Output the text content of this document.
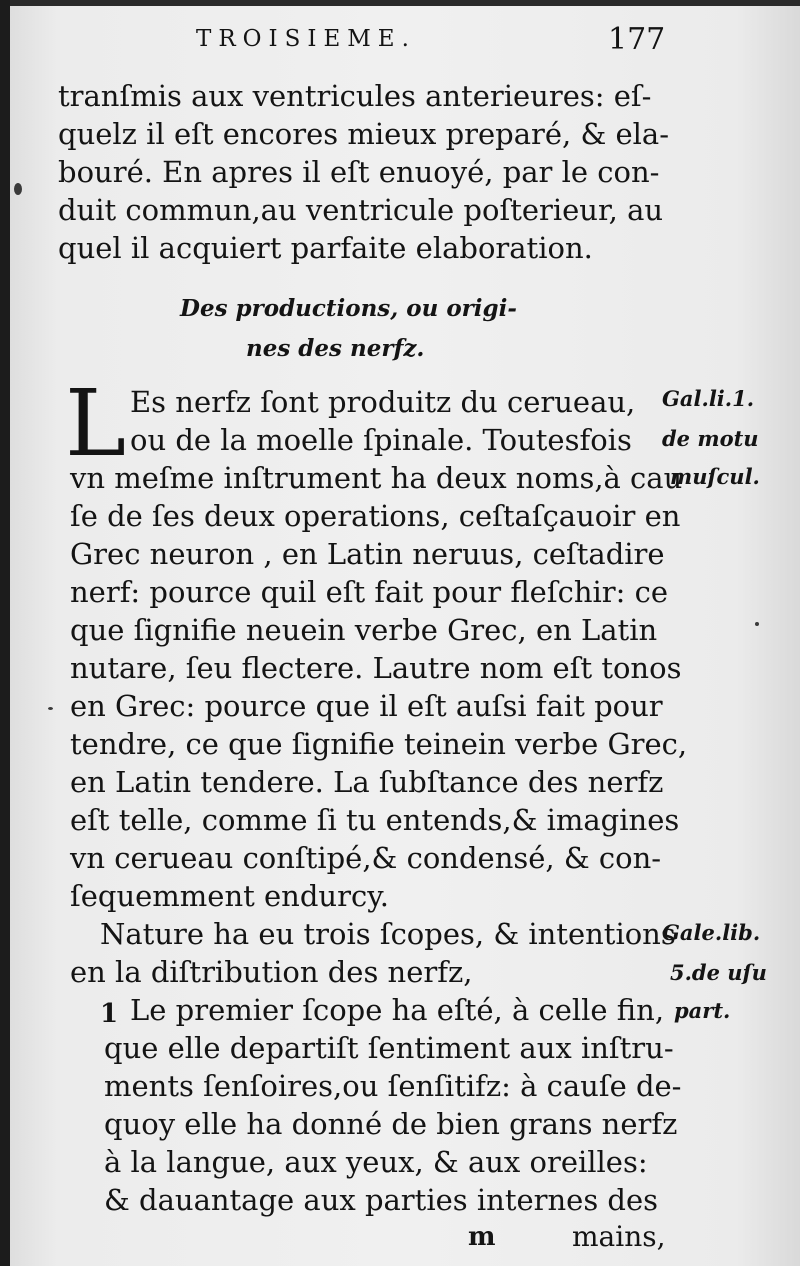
TROISIEME.	177
tranſmis aux ventricules anterieures: eſ-
quelz il eſt encores mieux preparé, & ela-
bouré. En apres il eſt enuoyé, par le con-
duit commun,au ventricule poſterieur, au
quel il acquiert parfaite elaboration.
Des productions, ou origi-
nes des nerfz.
L Es nerfz ſont produitz du cerueau,
ou de la moelle ſpinale. Toutesfois
vn meſme inſtrument ha deux noms,à cau
ſe de ſes deux operations, ceſtaſçauoir en
Grec neuron , en Latin neruus, ceſtadire
nerf: pource quil eſt fait pour fleſchir: ce
que ſignifie neuein verbe Grec, en Latin
nutare, ſeu flectere. Lautre nom eſt tonos
en Grec: pource que il eſt auſsi fait pour
tendre, ce que ſignifie teinein verbe Grec,
en Latin tendere. La ſubſtance des nerfz
eſt telle, comme ſi tu entends,& imagines
vn cerueau conſtipé,& condensé, & con-
ſequemment endurcy.
Nature ha eu trois ſcopes, & intentions
en la diſtribution des nerfz,
1 Le premier ſcope ha eſté, à celle fin,
que elle departiſt ſentiment aux inſtru-
ments ſenſoires,ou ſenſitifz: à cauſe de-
quoy elle ha donné de bien grans nerfz
à la langue, aux yeux, & aux oreilles:
& dauantage aux parties internes des
Gal.li.1.
de motu
muſcul.
Gale.lib.
5.de uſu
part.
m	mains,
